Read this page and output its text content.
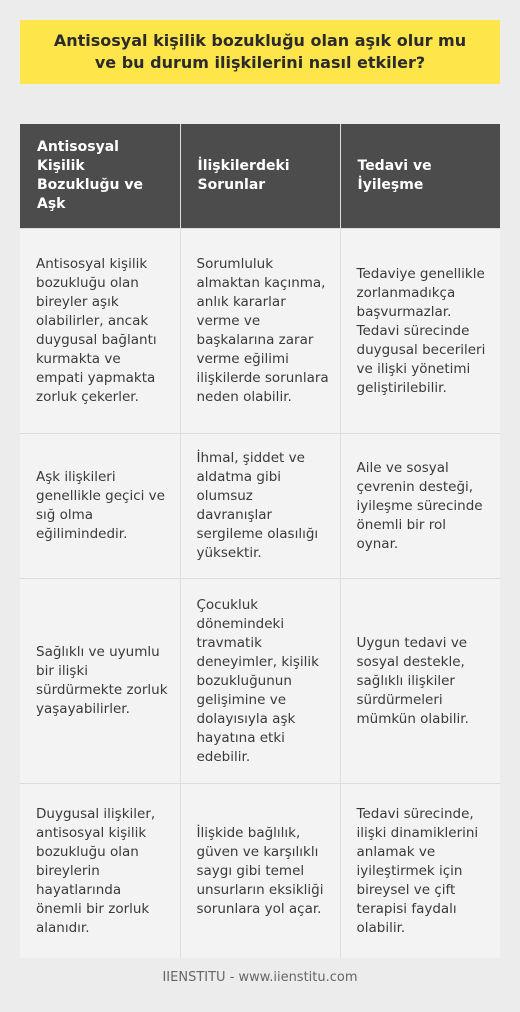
Antisosyal kişilik bozukluğu olan aşık olur mu ve bu durum ilişkilerini nasıl etkiler?
Antisosyal Kişilik Bozukluğu ve Aşk	İlişkilerdeki Sorunlar	Tedavi ve İyileşme
Antisosyal kişilik bozukluğu olan bireyler aşık olabilirler, ancak duygusal bağlantı kurmakta ve empati yapmakta zorluk çekerler.	Sorumluluk almaktan kaçınma, anlık kararlar verme ve başkalarına zarar verme eğilimi ilişkilerde sorunlara neden olabilir.	Tedaviye genellikle zorlanmadıkça başvurmazlar. Tedavi sürecinde duygusal becerileri ve ilişki yönetimi geliştirilebilir.
Aşk ilişkileri genellikle geçici ve sığ olma eğilimindedir.	İhmal, şiddet ve aldatma gibi olumsuz davranışlar sergileme olasılığı yüksektir.	Aile ve sosyal çevrenin desteği, iyileşme sürecinde önemli bir rol oynar.
Sağlıklı ve uyumlu bir ilişki sürdürmekte zorluk yaşayabilirler.	Çocukluk dönemindeki travmatik deneyimler, kişilik bozukluğunun gelişimine ve dolayısıyla aşk hayatına etki edebilir.	Uygun tedavi ve sosyal destekle, sağlıklı ilişkiler sürdürmeleri mümkün olabilir.
Duygusal ilişkiler, antisosyal kişilik bozukluğu olan bireylerin hayatlarında önemli bir zorluk alanıdır.	İlişkide bağlılık, güven ve karşılıklı saygı gibi temel unsurların eksikliği sorunlara yol açar.	Tedavi sürecinde, ilişki dinamiklerini anlamak ve iyileştirmek için bireysel ve çift terapisi faydalı olabilir.
IIENSTITU - www.iienstitu.com
